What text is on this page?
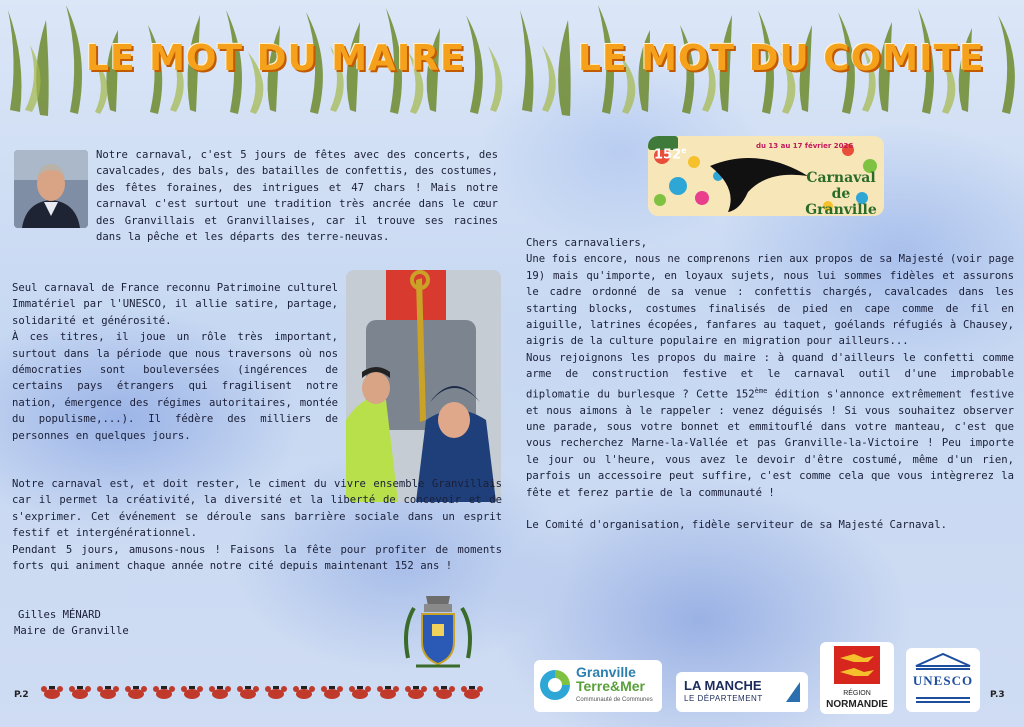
LE MOT DU MAIRE

Notre carnaval, c'est 5 jours de fêtes avec des concerts, des cavalcades, des bals, des batailles de confettis, des costumes, des fêtes foraines, des intrigues et 47 chars ! Mais notre carnaval c'est surtout une tradition très ancrée dans le cœur des Granvillais et Granvillaises, car il trouve ses racines dans la pêche et les départs des terre-neuvas.

Seul carnaval de France reconnu Patrimoine culturel Immatériel par l'UNESCO, il allie satire, partage, solidarité et générosité.

À ces titres, il joue un rôle très important, surtout dans la période que nous traversons où nos démocraties sont bouleversées (ingérences de certains pays étrangers qui fragilisent notre nation, émergence des régimes autoritaires, montée du populisme,...). Il fédère des milliers de personnes en quelques jours.

Notre carnaval est, et doit rester, le ciment du vivre ensemble Granvillais car il permet la créativité, la diversité et la liberté de concevoir et de s'exprimer. Cet événement se déroule sans barrière sociale dans un esprit festif et intergénérationnel.

Pendant 5 jours, amusons-nous ! Faisons la fête pour profiter de moments forts qui animent chaque année notre cité depuis maintenant 152 ans !

Gilles MÉNARD

Maire de Granville

P.2
LE MOT DU COMITE
152e	du 13 au 17 février 2026
Carnaval
de Granville

Chers carnavaliers,

Une fois encore, nous ne comprenons rien aux propos de sa Majesté (voir page 19) mais qu'importe, en loyaux sujets, nous lui sommes fidèles et assurons le cadre ordonné de sa venue : confettis chargés, cavalcades dans les starting blocks, costumes finalisés de pied en cape comme de fil en aiguille, latrines écopées, fanfares au taquet, goélands réfugiés à Chausey, aigris de la culture populaire en migration pour ailleurs...

Nous rejoignons les propos du maire : à quand d'ailleurs le confetti comme arme de construction festive et le carnaval outil d'une improbable diplomatie du burlesque ? Cette 152ème édition s'annonce extrêmement festive et nous aimons à le rappeler : venez déguisés ! Si vous souhaitez observer une parade, sous votre bonnet et emmitouflé dans votre manteau, c'est que vous recherchez Marne-la-Vallée et pas Granville-la-Victoire ! Peu importe le jour ou l'heure, vous avez le devoir d'être costumé, même d'un rien, parfois un accessoire peut suffire, c'est comme cela que vous intègrerez la fête et ferez partie de la communauté !

Le Comité d'organisation, fidèle serviteur de sa Majesté Carnaval.

Granville
Terre&Mer
Communauté de Communes
LA MANCHE
LE DÉPARTEMENT
RÉGION
NORMANDIE
UNESCO
P.3
